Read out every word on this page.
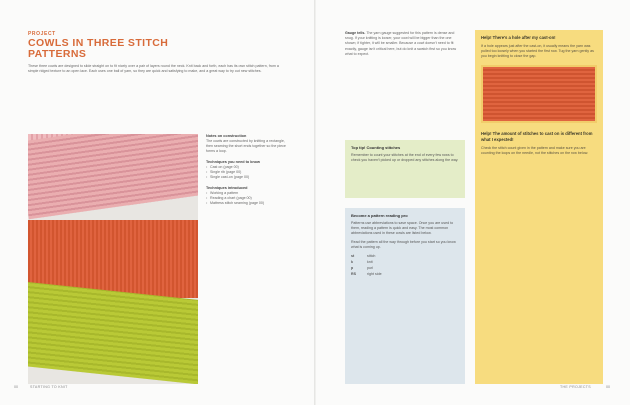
PROJECT
COWLS IN THREE STITCH PATTERNS

These three cowls are designed to slide straight on to fit nicely over a pair of layers round the neck. Knit back and forth, each has its own stitch pattern, from a simple ridged texture to an open lace. Each uses one ball of yarn, so they are quick and satisfying to make, and a great way to try out new stitches.

Notes on construction
The cowls are constructed by knitting a rectangle, then seaming the short ends together so the piece forms a loop.
Techniques you need to know
• Cast on (page 00)
• Single rib (page 00)
• Single cast-on (page 00)
Techniques introduced
• Working a pattern
• Reading a chart (page 00)
• Mattress stitch seaming (page 00)
00	STARTING TO KNIT
Gauge tells. The yarn gauge suggested for this pattern is dense and snug. If your knitting is looser, your cowl will be bigger than the one shown; if tighter, it will be smaller. Because a cowl doesn't need to fit exactly, gauge isn't critical here, but do knit a swatch first so you know what to expect.
Top tip! Counting stitches
Remember to count your stitches at the end of every few rows to check you haven't picked up or dropped any stitches along the way.
Become a pattern reading pro

Patterns use abbreviations to save space. Once you are used to them, reading a pattern is quick and easy. The most common abbreviations used in these cowls are listed below.

Read the pattern all the way through before you start so you know what is coming up.

st	stitch
k	knit
p	purl
RS	right side
Help! There's a hole after my cast-on!
If a hole appears just after the cast-on, it usually means the yarn was pulled too loosely when you started the first row. Tug the yarn gently as you begin knitting to close the gap.
Help! The amount of stitches to cast on is different from what I expected!
Check the stitch count given in the pattern and make sure you are counting the loops on the needle, not the stitches on the row below.
THE PROJECTS	00
